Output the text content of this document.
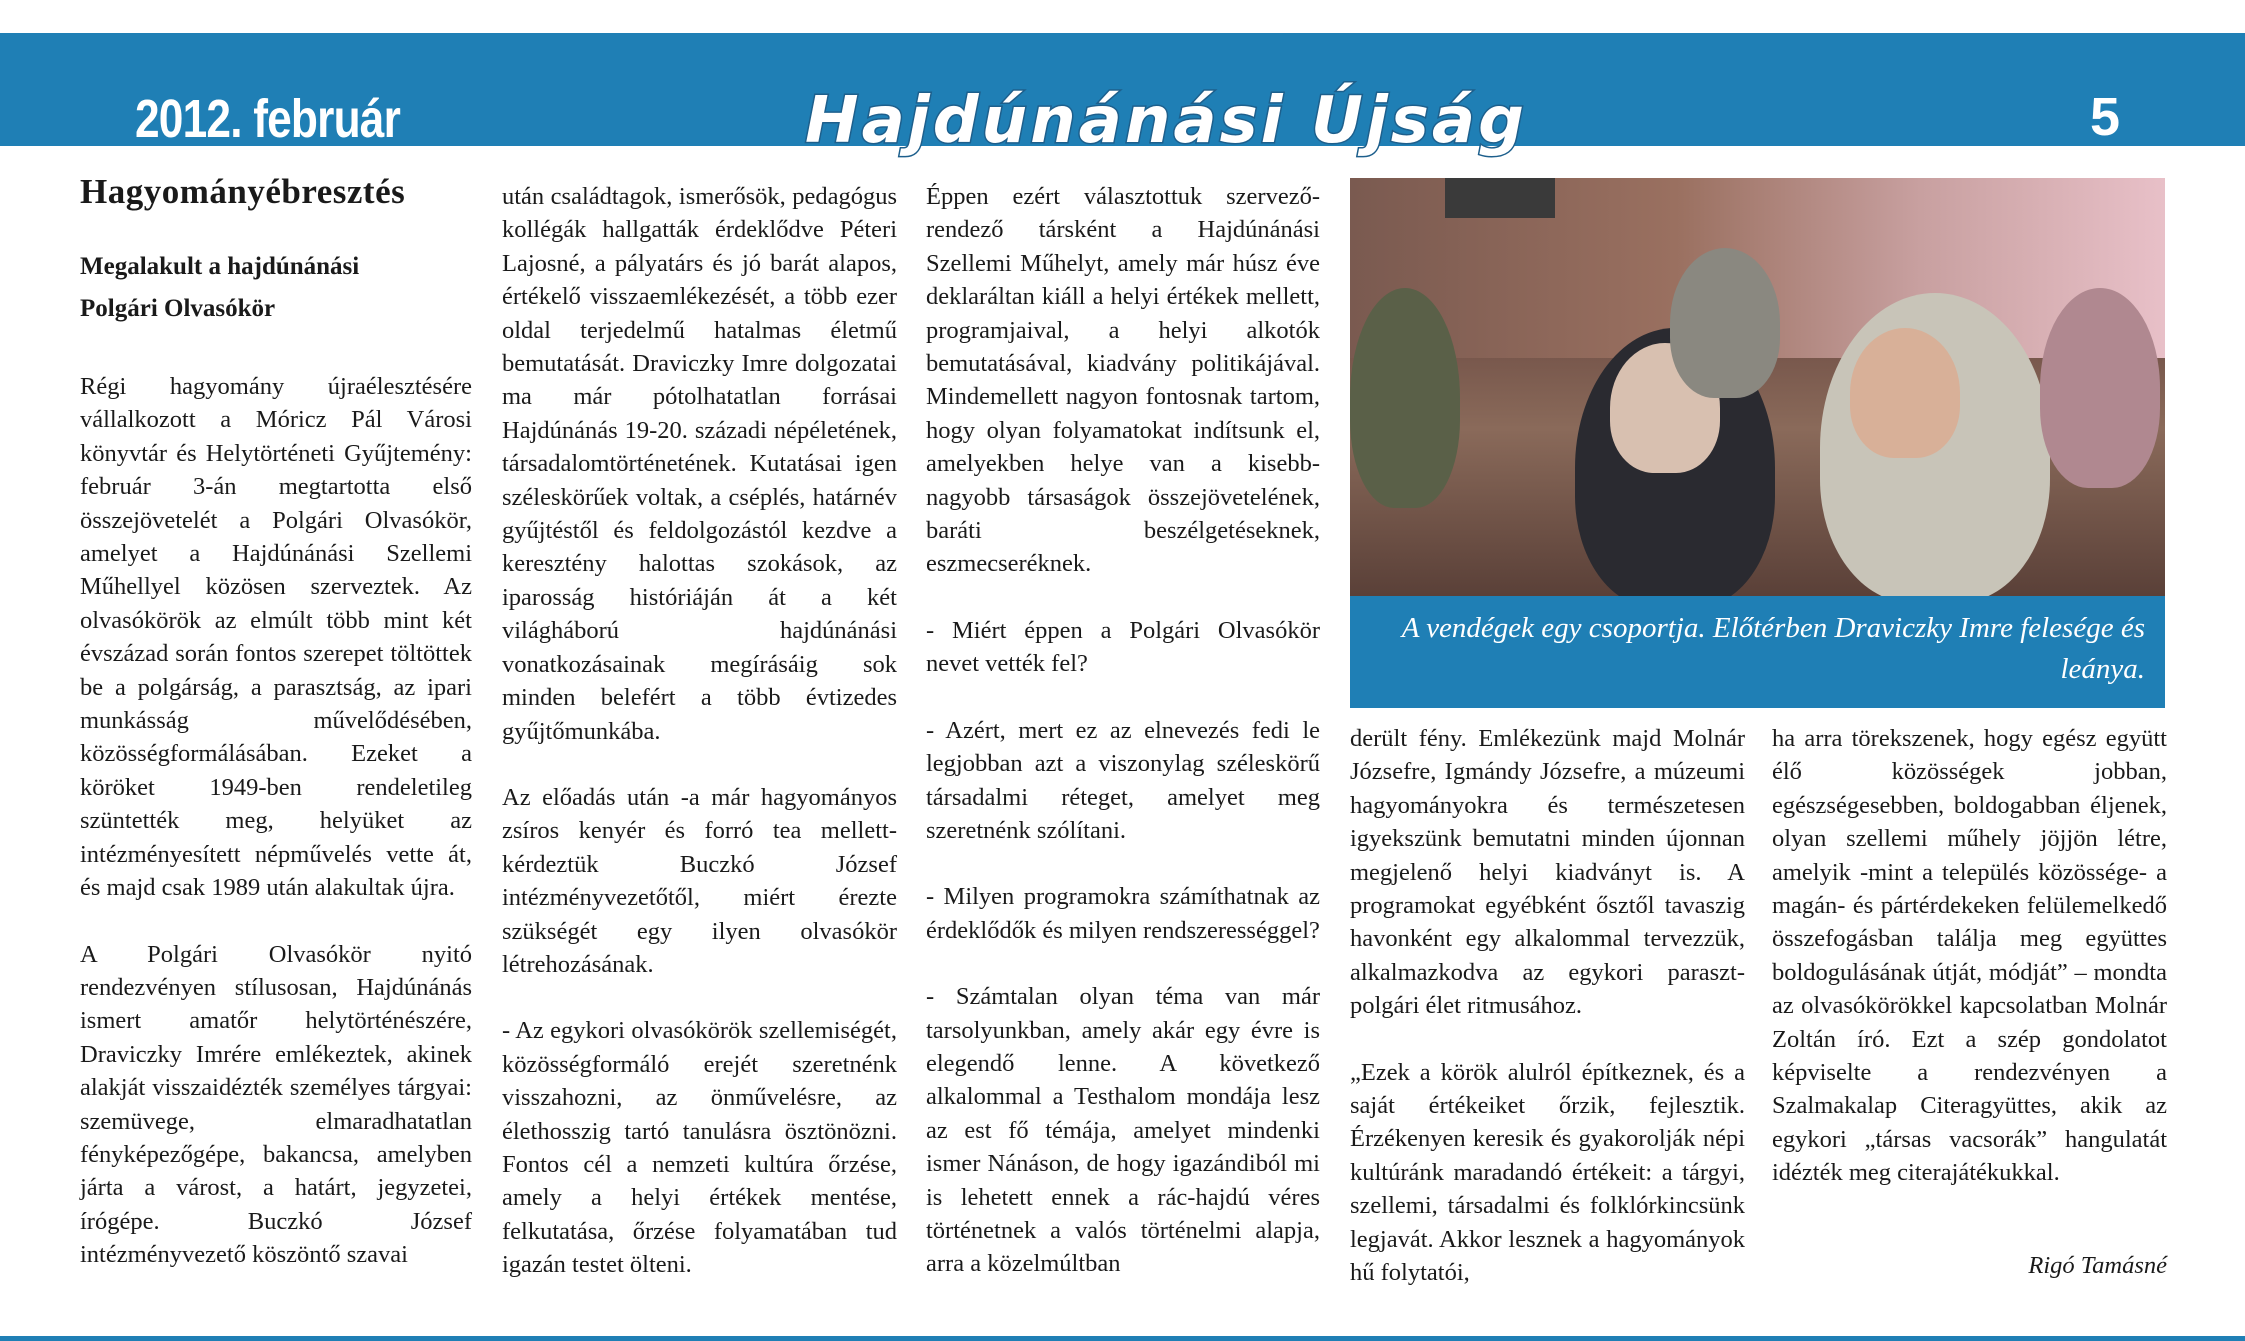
2012. február	Hajdúnánási Újság	5
Hagyományébresztés
Megalakult a hajdúnánási Polgári Olvasókör

Régi hagyomány újraélesztésére vállalkozott a Móricz Pál Városi könyvtár és Helytörténeti Gyűjtemény: február 3-án megtartotta első összejövetelét a Polgári Olvasókör, amelyet a Hajdúnánási Szellemi Műhellyel közösen szerveztek. Az olvasókörök az elmúlt több mint két évszázad során fontos szerepet töltöttek be a polgárság, a parasztság, az ipari munkásság művelődésében, közösségformálásában. Ezeket a köröket 1949-ben rendeletileg szüntették meg, helyüket az intézményesített népművelés vette át, és majd csak 1989 után alakultak újra.

A Polgári Olvasókör nyitó rendezvényen stílusosan, Hajdúnánás ismert amatőr helytörténészére, Draviczky Imrére emlékeztek, akinek alakját visszaidézték személyes tárgyai: szemüvege, elmaradhatatlan fényképezőgépe, bakancsa, amelyben járta a várost, a határt, jegyzetei, írógépe. Buczkó József intézményvezető köszöntő szavai

után családtagok, ismerősök, pedagógus kollégák hallgatták érdeklődve Péteri Lajosné, a pályatárs és jó barát alapos, értékelő visszaemlékezését, a több ezer oldal terjedelmű hatalmas életmű bemutatását. Draviczky Imre dolgozatai ma már pótolhatatlan forrásai Hajdúnánás 19-20. századi népéletének, társadalomtörténetének. Kutatásai igen széleskörűek voltak, a cséplés, határnév gyűjtéstől és feldolgozástól kezdve a keresztény halottas szokások, az iparosság históriáján át a két világháború hajdúnánási vonatkozásainak megírásáig sok minden belefért a több évtizedes gyűjtőmunkába.

Az előadás után -a már hagyományos zsíros kenyér és forró tea mellett- kérdeztük Buczkó József intézményvezetőtől, miért érezte szükségét egy ilyen olvasókör létrehozásának.

- Az egykori olvasókörök szellemiségét, közösségformáló erejét szeretnénk visszahozni, az önművelésre, az élethosszig tartó tanulásra ösztönözni. Fontos cél a nemzeti kultúra őrzése, amely a helyi értékek mentése, felkutatása, őrzése folyamatában tud igazán testet ölteni.

Éppen ezért választottuk szervező-rendező társként a Hajdúnánási Szellemi Műhelyt, amely már húsz éve deklaráltan kiáll a helyi értékek mellett, programjaival, a helyi alkotók bemutatásával, kiadvány politikájával. Mindemellett nagyon fontosnak tartom, hogy olyan folyamatokat indítsunk el, amelyekben helye van a kisebb-nagyobb társaságok összejövetelének, baráti beszélgetéseknek, eszmecseréknek.

- Miért éppen a Polgári Olvasókör nevet vették fel?

- Azért, mert ez az elnevezés fedi le legjobban azt a viszonylag széleskörű társadalmi réteget, amelyet meg szeretnénk szólítani.

- Milyen programokra számíthatnak az érdeklődők és milyen rendszerességgel?

- Számtalan olyan téma van már tarsolyunkban, amely akár egy évre is elegendő lenne. A következő alkalommal a Testhalom mondája lesz az est fő témája, amelyet mindenki ismer Nánáson, de hogy igazándiból mi is lehetett ennek a rác-hajdú véres történetnek a valós történelmi alapja, arra a közelmúltban

A vendégek egy csoportja. Előtérben Draviczky Imre felesége és leánya.

derült fény. Emlékezünk majd Molnár Józsefre, Igmándy Józsefre, a múzeumi hagyományokra és természetesen igyekszünk bemutatni minden újonnan megjelenő helyi kiadványt is. A programokat egyébként ősztől tavaszig havonként egy alkalommal tervezzük, alkalmazkodva az egykori paraszt-polgári élet ritmusához.

„Ezek a körök alulról építkeznek, és a saját értékeiket őrzik, fejlesztik. Érzékenyen keresik és gyakorolják népi kultúránk maradandó értékeit: a tárgyi, szellemi, társadalmi és folklórkincsünk legjavát. Akkor lesznek a hagyományok hű folytatói,

ha arra törekszenek, hogy egész együtt élő közösségek jobban, egészségesebben, boldogabban éljenek, olyan szellemi műhely jöjjön létre, amelyik -mint a település közössége- a magán- és pártérdekeken felülemelkedő összefogásban találja meg együttes boldogulásának útját, módját” – mondta az olvasókörökkel kapcsolatban Molnár Zoltán író. Ezt a szép gondolatot képviselte a rendezvényen a Szalmakalap Citeragyüttes, akik az egykori „társas vacsorák” hangulatát idézték meg citerajátékukkal.

Rigó Tamásné
